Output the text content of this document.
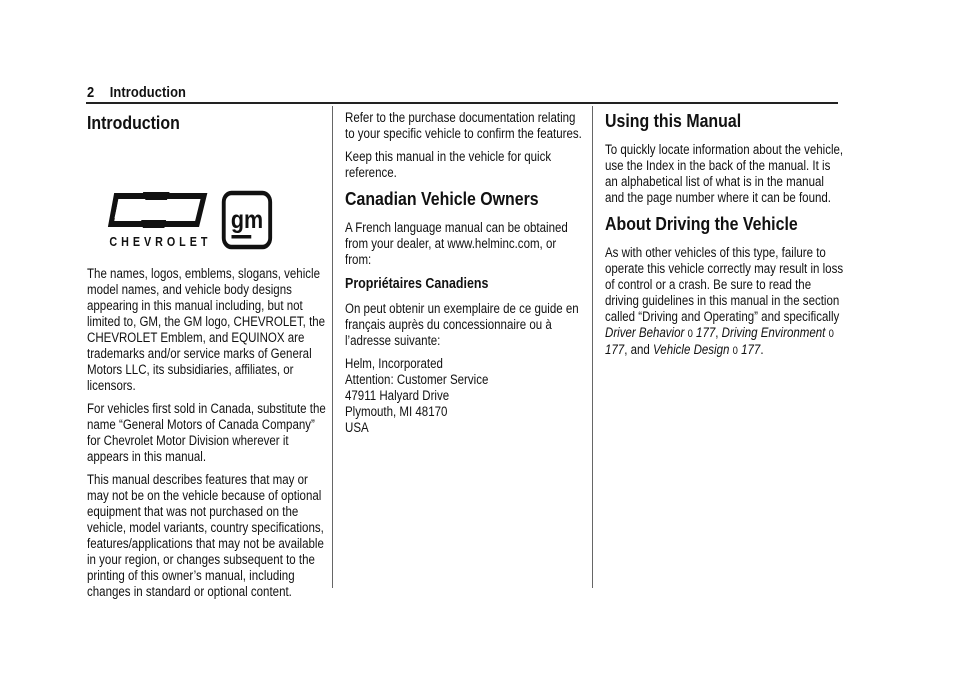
2 Introduction
Introduction
CHEVROLET
gm

The names, logos, emblems, slogans, vehicle model names, and vehicle body designs appearing in this manual including, but not limited to, GM, the GM logo, CHEVROLET, the CHEVROLET Emblem, and EQUINOX are trademarks and/or service marks of General Motors LLC, its subsidiaries, affiliates, or licensors.

For vehicles first sold in Canada, substitute the name “General Motors of Canada Company” for Chevrolet Motor Division wherever it appears in this manual.

This manual describes features that may or may not be on the vehicle because of optional equipment that was not purchased on the vehicle, model variants, country specifications, features/applications that may not be available in your region, or changes subsequent to the printing of this owner’s manual, including changes in standard or optional content.

Refer to the purchase documentation relating to your specific vehicle to confirm the features.

Keep this manual in the vehicle for quick reference.

Canadian Vehicle Owners

A French language manual can be obtained from your dealer, at www.helminc.com, or from:

Propriétaires Canadiens

On peut obtenir un exemplaire de ce guide en français auprès du concessionnaire ou à l’adresse suivante:

Helm, Incorporated

Attention: Customer Service

47911 Halyard Drive

Plymouth, MI 48170

USA

Using this Manual

To quickly locate information about the vehicle, use the Index in the back of the manual. It is an alphabetical list of what is in the manual and the page number where it can be found.

About Driving the Vehicle

As with other vehicles of this type, failure to operate this vehicle correctly may result in loss of control or a crash. Be sure to read the driving guidelines in this manual in the section called “Driving and Operating” and specifically Driver Behavior 0 177, Driving Environment 0 177, and Vehicle Design 0 177.
